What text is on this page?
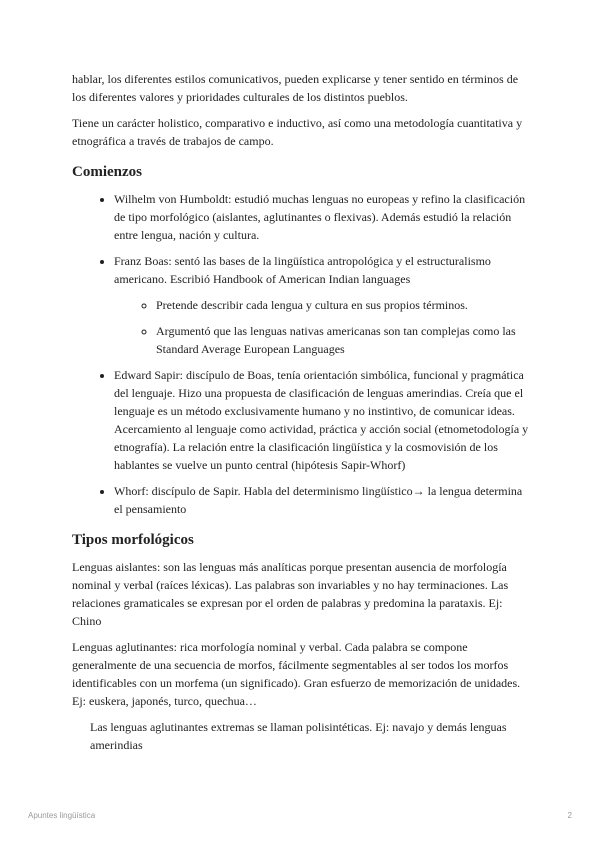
hablar, los diferentes estilos comunicativos, pueden explicarse y tener sentido en términos de los diferentes valores y prioridades culturales de los distintos pueblos.

Tiene un carácter holistico, comparativo e inductivo, así como una metodología cuantitativa y etnográfica a través de trabajos de campo.

Comienzos
• Wilhelm von Humboldt: estudió muchas lenguas no europeas y refino la clasificación de tipo morfológico (aislantes, aglutinantes o flexivas). Además estudió la relación entre lengua, nación y cultura.
• Franz Boas: sentó las bases de la lingüística antropológica y el estructuralismo americano. Escribió Handbook of American Indian languages
◦ Pretende describir cada lengua y cultura en sus propios términos.
◦ Argumentó que las lenguas nativas americanas son tan complejas como las Standard Average European Languages
• Edward Sapir: discípulo de Boas, tenía orientación simbólica, funcional y pragmática del lenguaje. Hizo una propuesta de clasificación de lenguas amerindias. Creía que el lenguaje es un método exclusivamente humano y no instintivo, de comunicar ideas. Acercamiento al lenguaje como actividad, práctica y acción social (etnometodología y etnografía). La relación entre la clasificación lingüística y la cosmovisión de los hablantes se vuelve un punto central (hipótesis Sapir-Whorf)
• Whorf: discípulo de Sapir. Habla del determinismo lingüístico→ la lengua determina el pensamiento
Tipos morfológicos

Lenguas aislantes: son las lenguas más analíticas porque presentan ausencia de morfología nominal y verbal (raíces léxicas). Las palabras son invariables y no hay terminaciones. Las relaciones gramaticales se expresan por el orden de palabras y predomina la parataxis. Ej: Chino

Lenguas aglutinantes: rica morfología nominal y verbal. Cada palabra se compone generalmente de una secuencia de morfos, fácilmente segmentables al ser todos los morfos identificables con un morfema (un significado). Gran esfuerzo de memorización de unidades. Ej: euskera, japonés, turco, quechua…

Las lenguas aglutinantes extremas se llaman polisintéticas. Ej: navajo y demás lenguas amerindias

Apuntes lingüística	2
